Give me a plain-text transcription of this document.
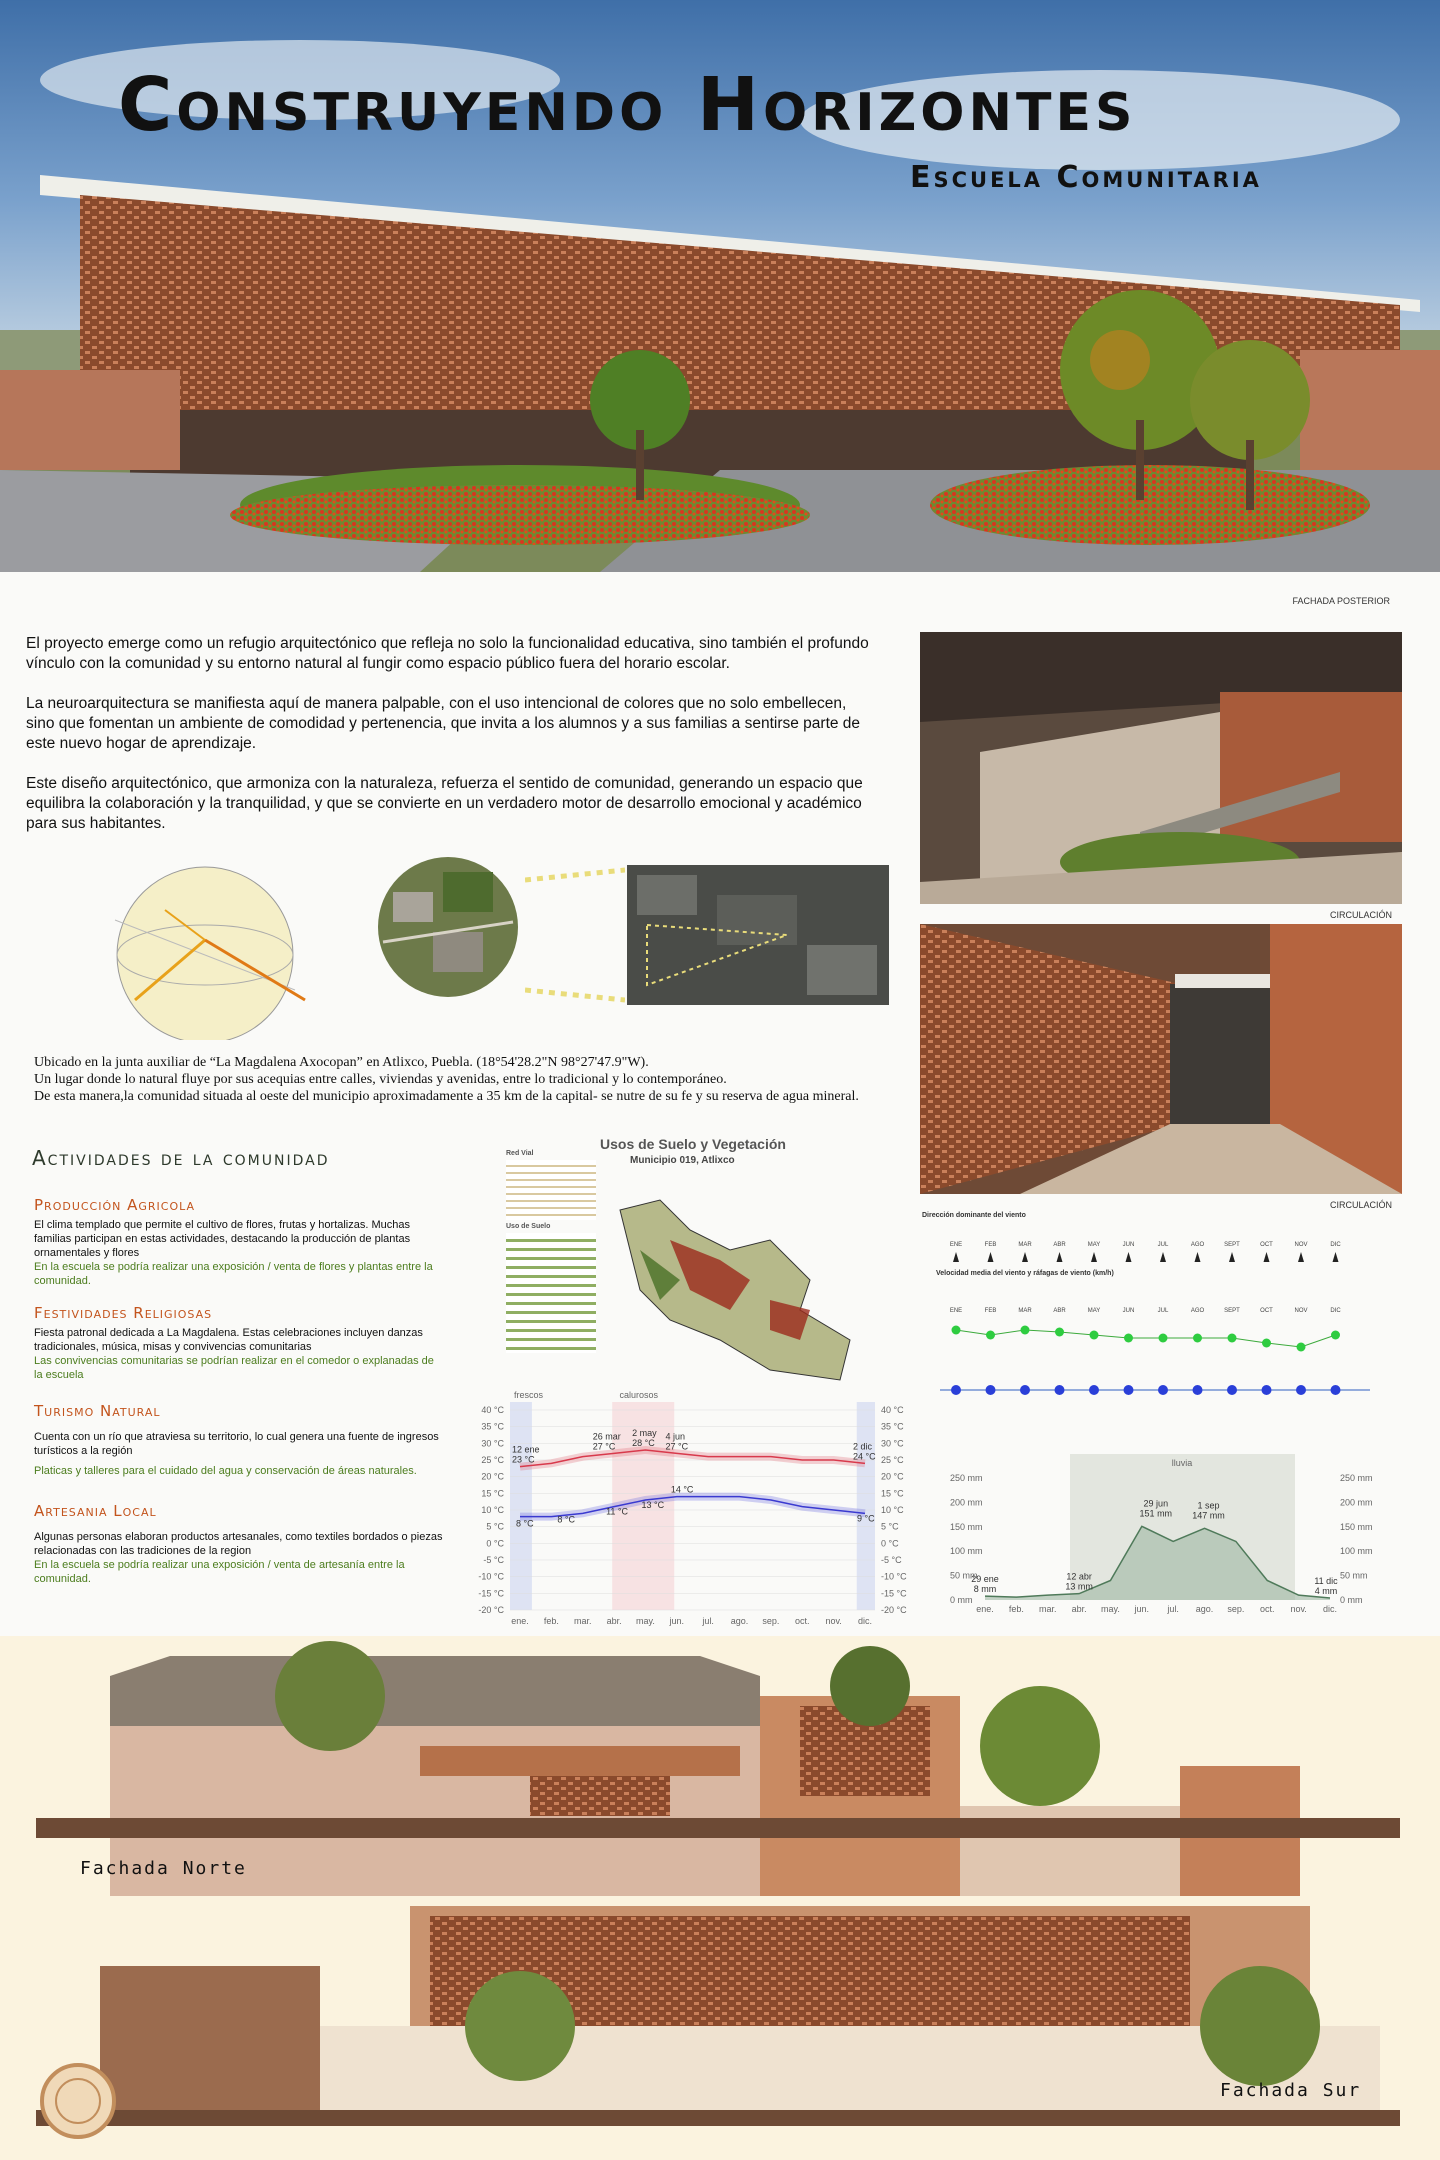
Construyendo Horizontes
Escuela Comunitaria
El proyecto emerge como un refugio arquitectónico que refleja no solo la funcionalidad educativa, sino también el profundo vínculo con la comunidad y su entorno natural al fungir como espacio público fuera del horario escolar.
La neuroarquitectura se manifiesta aquí de manera palpable, con el uso intencional de colores que no solo embellecen, sino que fomentan un ambiente de comodidad y pertenencia, que invita a los alumnos y a sus familias a sentirse parte de este nuevo hogar de aprendizaje.
Este diseño arquitectónico, que armoniza con la naturaleza, refuerza el sentido de comunidad, generando un espacio que equilibra la colaboración y la tranquilidad, y que se convierte en un verdadero motor de desarrollo emocional y académico para sus habitantes.
FACHADA POSTERIOR
CIRCULACIÓN
CIRCULACIÓN
Ubicado en la junta auxiliar de “La Magdalena Axocopan” en Atlixco, Puebla. (18°54'28.2"N 98°27'47.9"W).
Un lugar donde lo natural fluye por sus acequias entre calles, viviendas y avenidas, entre lo tradicional y lo contemporáneo.
De esta manera,la comunidad situada al oeste del municipio aproximadamente a 35 km de la capital- se nutre de su fe y su reserva de agua mineral.
Actividades de la comunidad
Producción Agricola
El clima templado que permite el cultivo de flores, frutas y hortalizas. Muchas familias participan en estas actividades, destacando la producción de plantas ornamentales y flores
En la escuela se podría realizar una exposición / venta de flores y plantas entre la comunidad.
Festividades Religiosas
Fiesta patronal dedicada a La Magdalena. Estas celebraciones incluyen danzas tradicionales, música, misas y convivencias comunitarias
Las convivencias comunitarias se podrían realizar en el comedor o explanadas de la escuela
Turismo Natural
Cuenta con un río que atraviesa su territorio, lo cual genera una fuente de ingresos turísticos a la región
Platicas y talleres para el cuidado del agua y conservación de áreas naturales.
Artesania Local
Algunas personas elaboran productos artesanales, como textiles bordados o piezas relacionadas con las tradiciones de la region
En la escuela se podría realizar una exposición / venta de artesanía entre la comunidad.
Usos de Suelo y Vegetación
Municipio 019, Atlixco
Red Vial
Uso de Suelo
frescos	calurosos
40 °C	40 °C
35 °C	35 °C
30 °C	30 °C
25 °C	25 °C
20 °C	20 °C
15 °C	15 °C
10 °C	10 °C
5 °C	5 °C
0 °C	0 °C
-5 °C	-5 °C
-10 °C	-10 °C
-15 °C	-15 °C
-20 °C	-20 °C
ene. feb. mar. abr. may. jun. jul. ago. sep. oct. nov. dic.
12 ene
23 °C
26 mar
27 °C
2 may
28 °C
4 jun
27 °C	2 dic
24 °C
8 °C	8 °C
11 °C
13 °C
14 °C
9 °C
Dirección dominante del viento
Velocidad media del viento y ráfagas de viento (km/h)
ENE
ENE
FEB
FEB
MAR
MAR
ABR
ABR
MAY
MAY
JUN
JUN
JUL
JUL
AGO
AGO
SEPT
SEPT
OCT
OCT
NOV
NOV
DIC
DIC
lluvia
250 mm	250 mm
200 mm	200 mm
150 mm	150 mm
100 mm	100 mm
50 mm	50 mm
0 mm	0 mm
ene. feb. mar. abr. may. jun. jul. ago. sep. oct. nov. dic.
29 jun
151 mm
1 sep
147 mm
29 ene
8 mm
12 abr
13 mm
11 dic
4 mm
Fachada Norte
Fachada Sur
